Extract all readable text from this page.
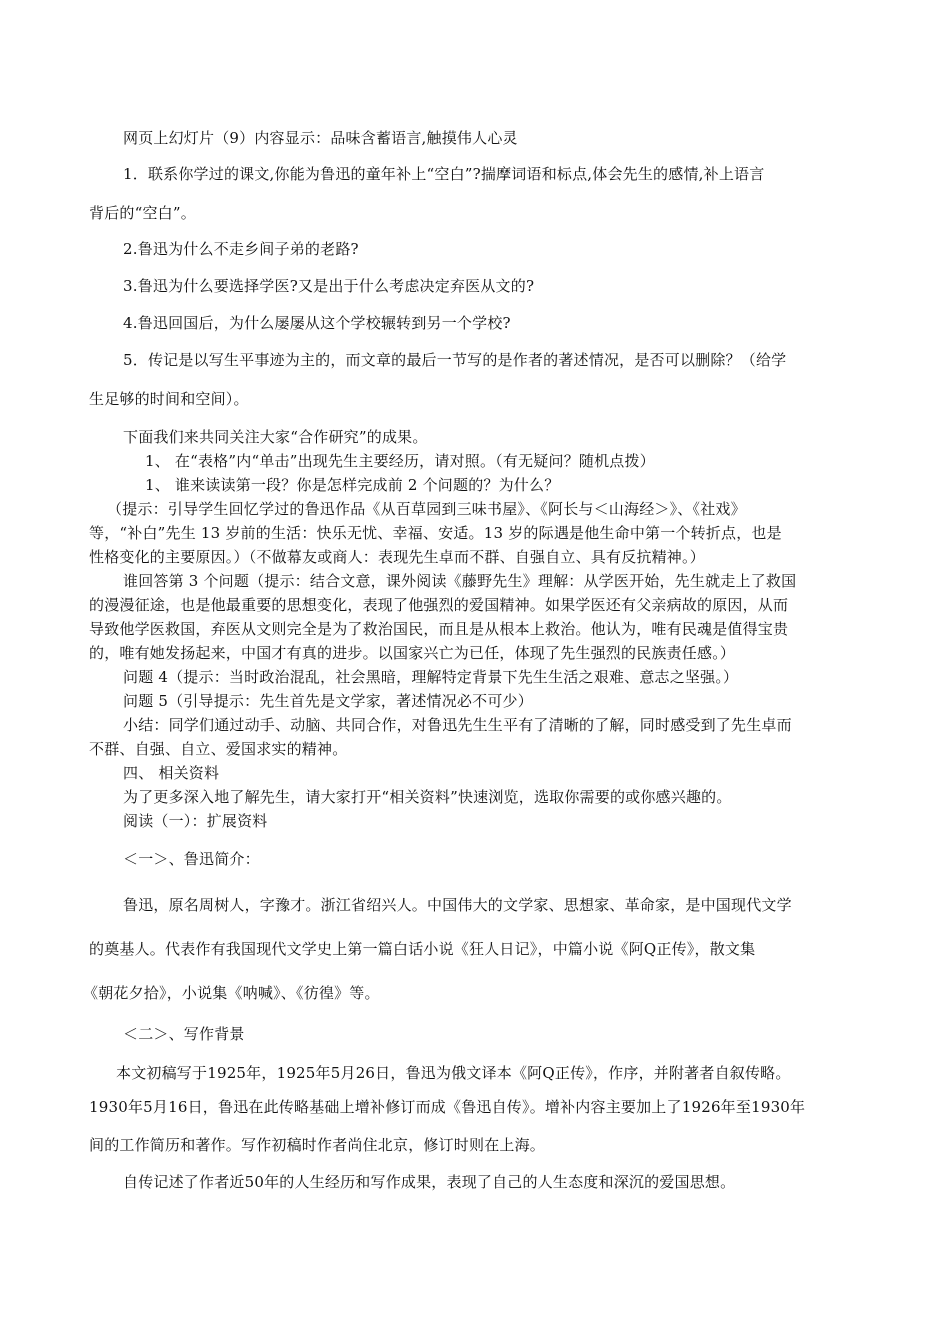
网页上幻灯片（9）内容显示：品味含蓄语言,触摸伟人心灵
1．联系你学过的课文,你能为鲁迅的童年补上“空白”?揣摩词语和标点,体会先生的感情,补上语言
背后的“空白”。
2.鲁迅为什么不走乡间子弟的老路?
3.鲁迅为什么要选择学医?又是出于什么考虑决定弃医从文的?
4.鲁迅回国后，为什么屡屡从这个学校辗转到另一个学校?
5．传记是以写生平事迹为主的，而文章的最后一节写的是作者的著述情况，是否可以删除？（给学
生足够的时间和空间）。
下面我们来共同关注大家“合作研究”的成果。
1、 在“表格”内“单击”出现先生主要经历，请对照。（有无疑问？随机点拨）
1、 谁来读读第一段？你是怎样完成前 2 个问题的？为什么？
（提示：引导学生回忆学过的鲁迅作品《从百草园到三味书屋》、《阿长与＜山海经＞》、《社戏》
等，“补白”先生 13 岁前的生活：快乐无忧、幸福、安适。13 岁的际遇是他生命中第一个转折点，也是
性格变化的主要原因。）（不做幕友或商人：表现先生卓而不群、自强自立、具有反抗精神。）
谁回答第 3 个问题（提示：结合文意，课外阅读《藤野先生》理解：从学医开始，先生就走上了救国
的漫漫征途，也是他最重要的思想变化，表现了他强烈的爱国精神。如果学医还有父亲病故的原因，从而
导致他学医救国，弃医从文则完全是为了救治国民，而且是从根本上救治。他认为，唯有民魂是值得宝贵
的，唯有她发扬起来，中国才有真的进步。以国家兴亡为已任，体现了先生强烈的民族责任感。）
问题 4（提示：当时政治混乱，社会黑暗，理解特定背景下先生生活之艰难、意志之坚强。）
问题 5（引导提示：先生首先是文学家，著述情况必不可少）
小结：同学们通过动手、动脑、共同合作，对鲁迅先生生平有了清晰的了解，同时感受到了先生卓而
不群、自强、自立、爱国求实的精神。
四、 相关资料
为了更多深入地了解先生，请大家打开“相关资料”快速浏览，选取你需要的或你感兴趣的。
阅读（一）：扩展资料
＜一＞、鲁迅简介：
鲁迅，原名周树人，字豫才。浙江省绍兴人。中国伟大的文学家、思想家、革命家，是中国现代文学
的奠基人。代表作有我国现代文学史上第一篇白话小说《狂人日记》，中篇小说《阿Q正传》，散文集
《朝花夕拾》，小说集《呐喊》、《彷徨》等。
＜二＞、写作背景
本文初稿写于1925年，1925年5月26日，鲁迅为俄文译本《阿Q正传》，作序，并附著者自叙传略。
1930年5月16日，鲁迅在此传略基础上增补修订而成《鲁迅自传》。增补内容主要加上了1926年至1930年
间的工作简历和著作。写作初稿时作者尚住北京，修订时则在上海。
自传记述了作者近50年的人生经历和写作成果，表现了自己的人生态度和深沉的爱国思想。
